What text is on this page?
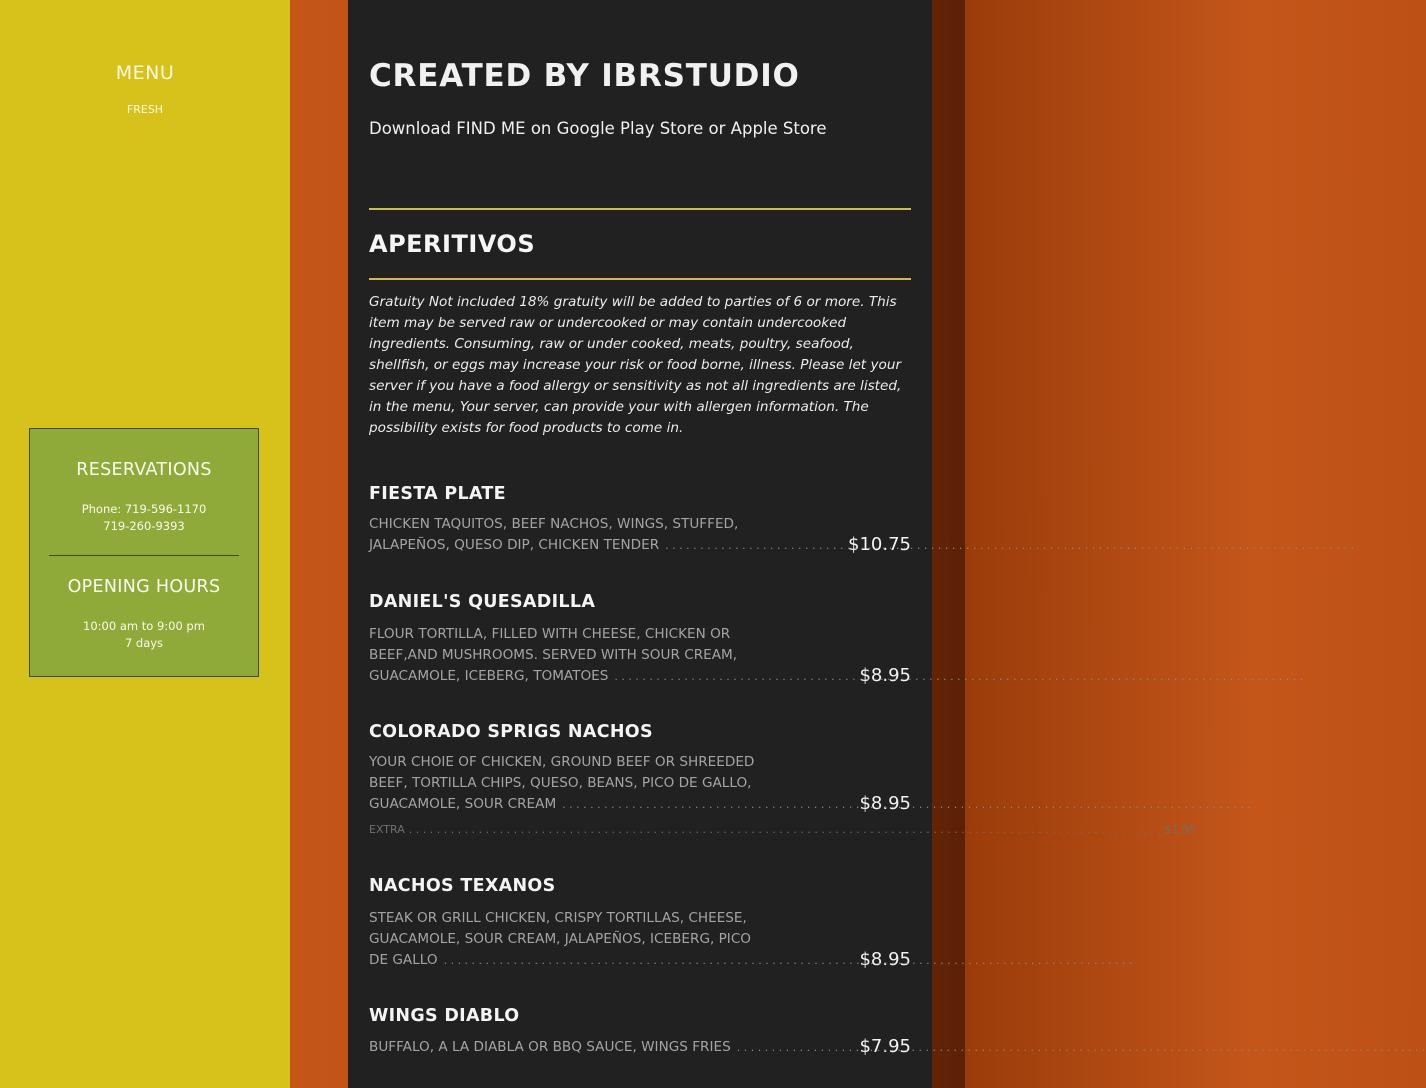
MENU
FRESH
RESERVATIONS
Phone: 719-596-1170
719-260-9393
OPENING HOURS
10:00 am to 9:00 pm
7 days
CREATED BY IBRSTUDIO

Download FIND ME on Google Play Store or Apple Store

APERITIVOS

Gratuity Not included 18% gratuity will be added to parties of 6 or more. This item may be served raw or undercooked or may contain undercooked ingredients. Consuming, raw or under cooked, meats, poultry, seafood, shellfish, or eggs may increase your risk or food borne, illness. Please let your server if you have a food allergy or sensitivity as not all ingredients are listed, in the menu, Your server, can provide your with allergen information. The possibility exists for food products to come in.

FIESTA PLATE
CHICKEN TAQUITOS, BEEF NACHOS, WINGS, STUFFED, JALAPEÑOS, QUESO DIP, CHICKEN TENDER . . .	$10.75
DANIEL'S QUESADILLA
FLOUR TORTILLA, FILLED WITH CHEESE, CHICKEN OR BEEF,AND MUSHROOMS. SERVED WITH SOUR CREAM, GUACAMOLE, ICEBERG, TOMATOES . . .	$8.95
COLORADO SPRIGS NACHOS
YOUR CHOIE OF CHICKEN, GROUND BEEF OR SHREEDED BEEF, TORTILLA CHIPS, QUESO, BEANS, PICO DE GALLO, GUACAMOLE, SOUR CREAM . . .	$8.95
EXTRA . . . . . . . . . . . . . . . . . . . . . . . . . . . . . . . . . . . . . . . . . . . . . . . . . . . . . . . . . . . . . . . . . . . . . . . . . . . . . . . . . . . . . . . . . . . . . . . . . . . . . . . . . . . . $1.95
NACHOS TEXANOS
STEAK OR GRILL CHICKEN, CRISPY TORTILLAS, CHEESE, GUACAMOLE, SOUR CREAM, JALAPEÑOS, ICEBERG, PICO DE GALLO . . .	$8.95
WINGS DIABLO
BUFFALO, A LA DIABLA OR BBQ SAUCE, WINGS FRIES . . .	$7.95
